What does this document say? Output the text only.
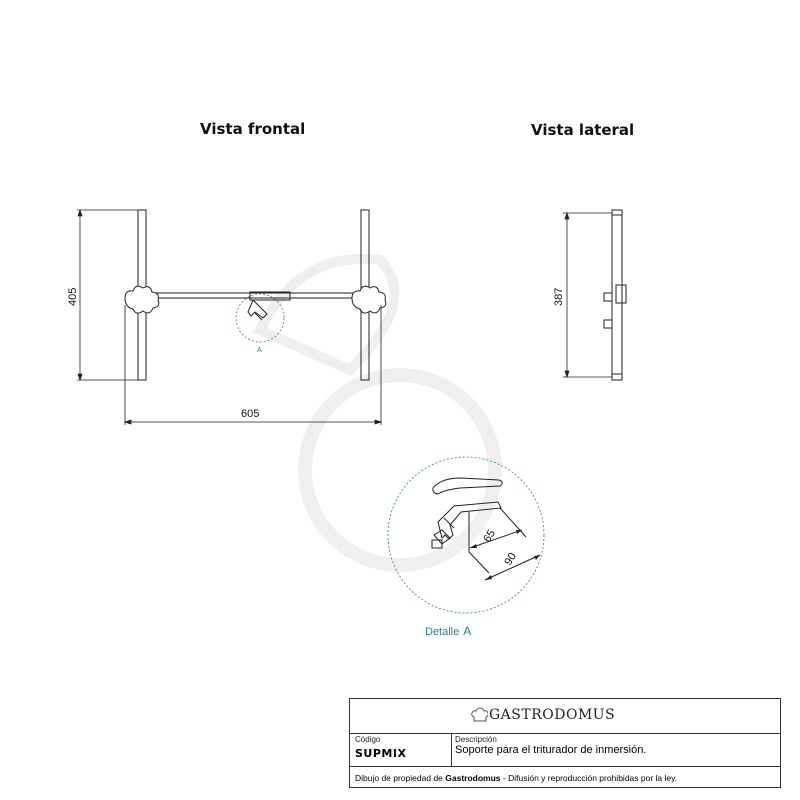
Vista frontal	Vista lateral
A
405
605
387
65
90
Detalle A
GASTRODOMUS
Código
SUPMIX
Descripción
Soporte para el triturador de inmersión.
Dibujo de propiedad de Gastrodomus - Difusión y reproducción prohibidas por la ley.
